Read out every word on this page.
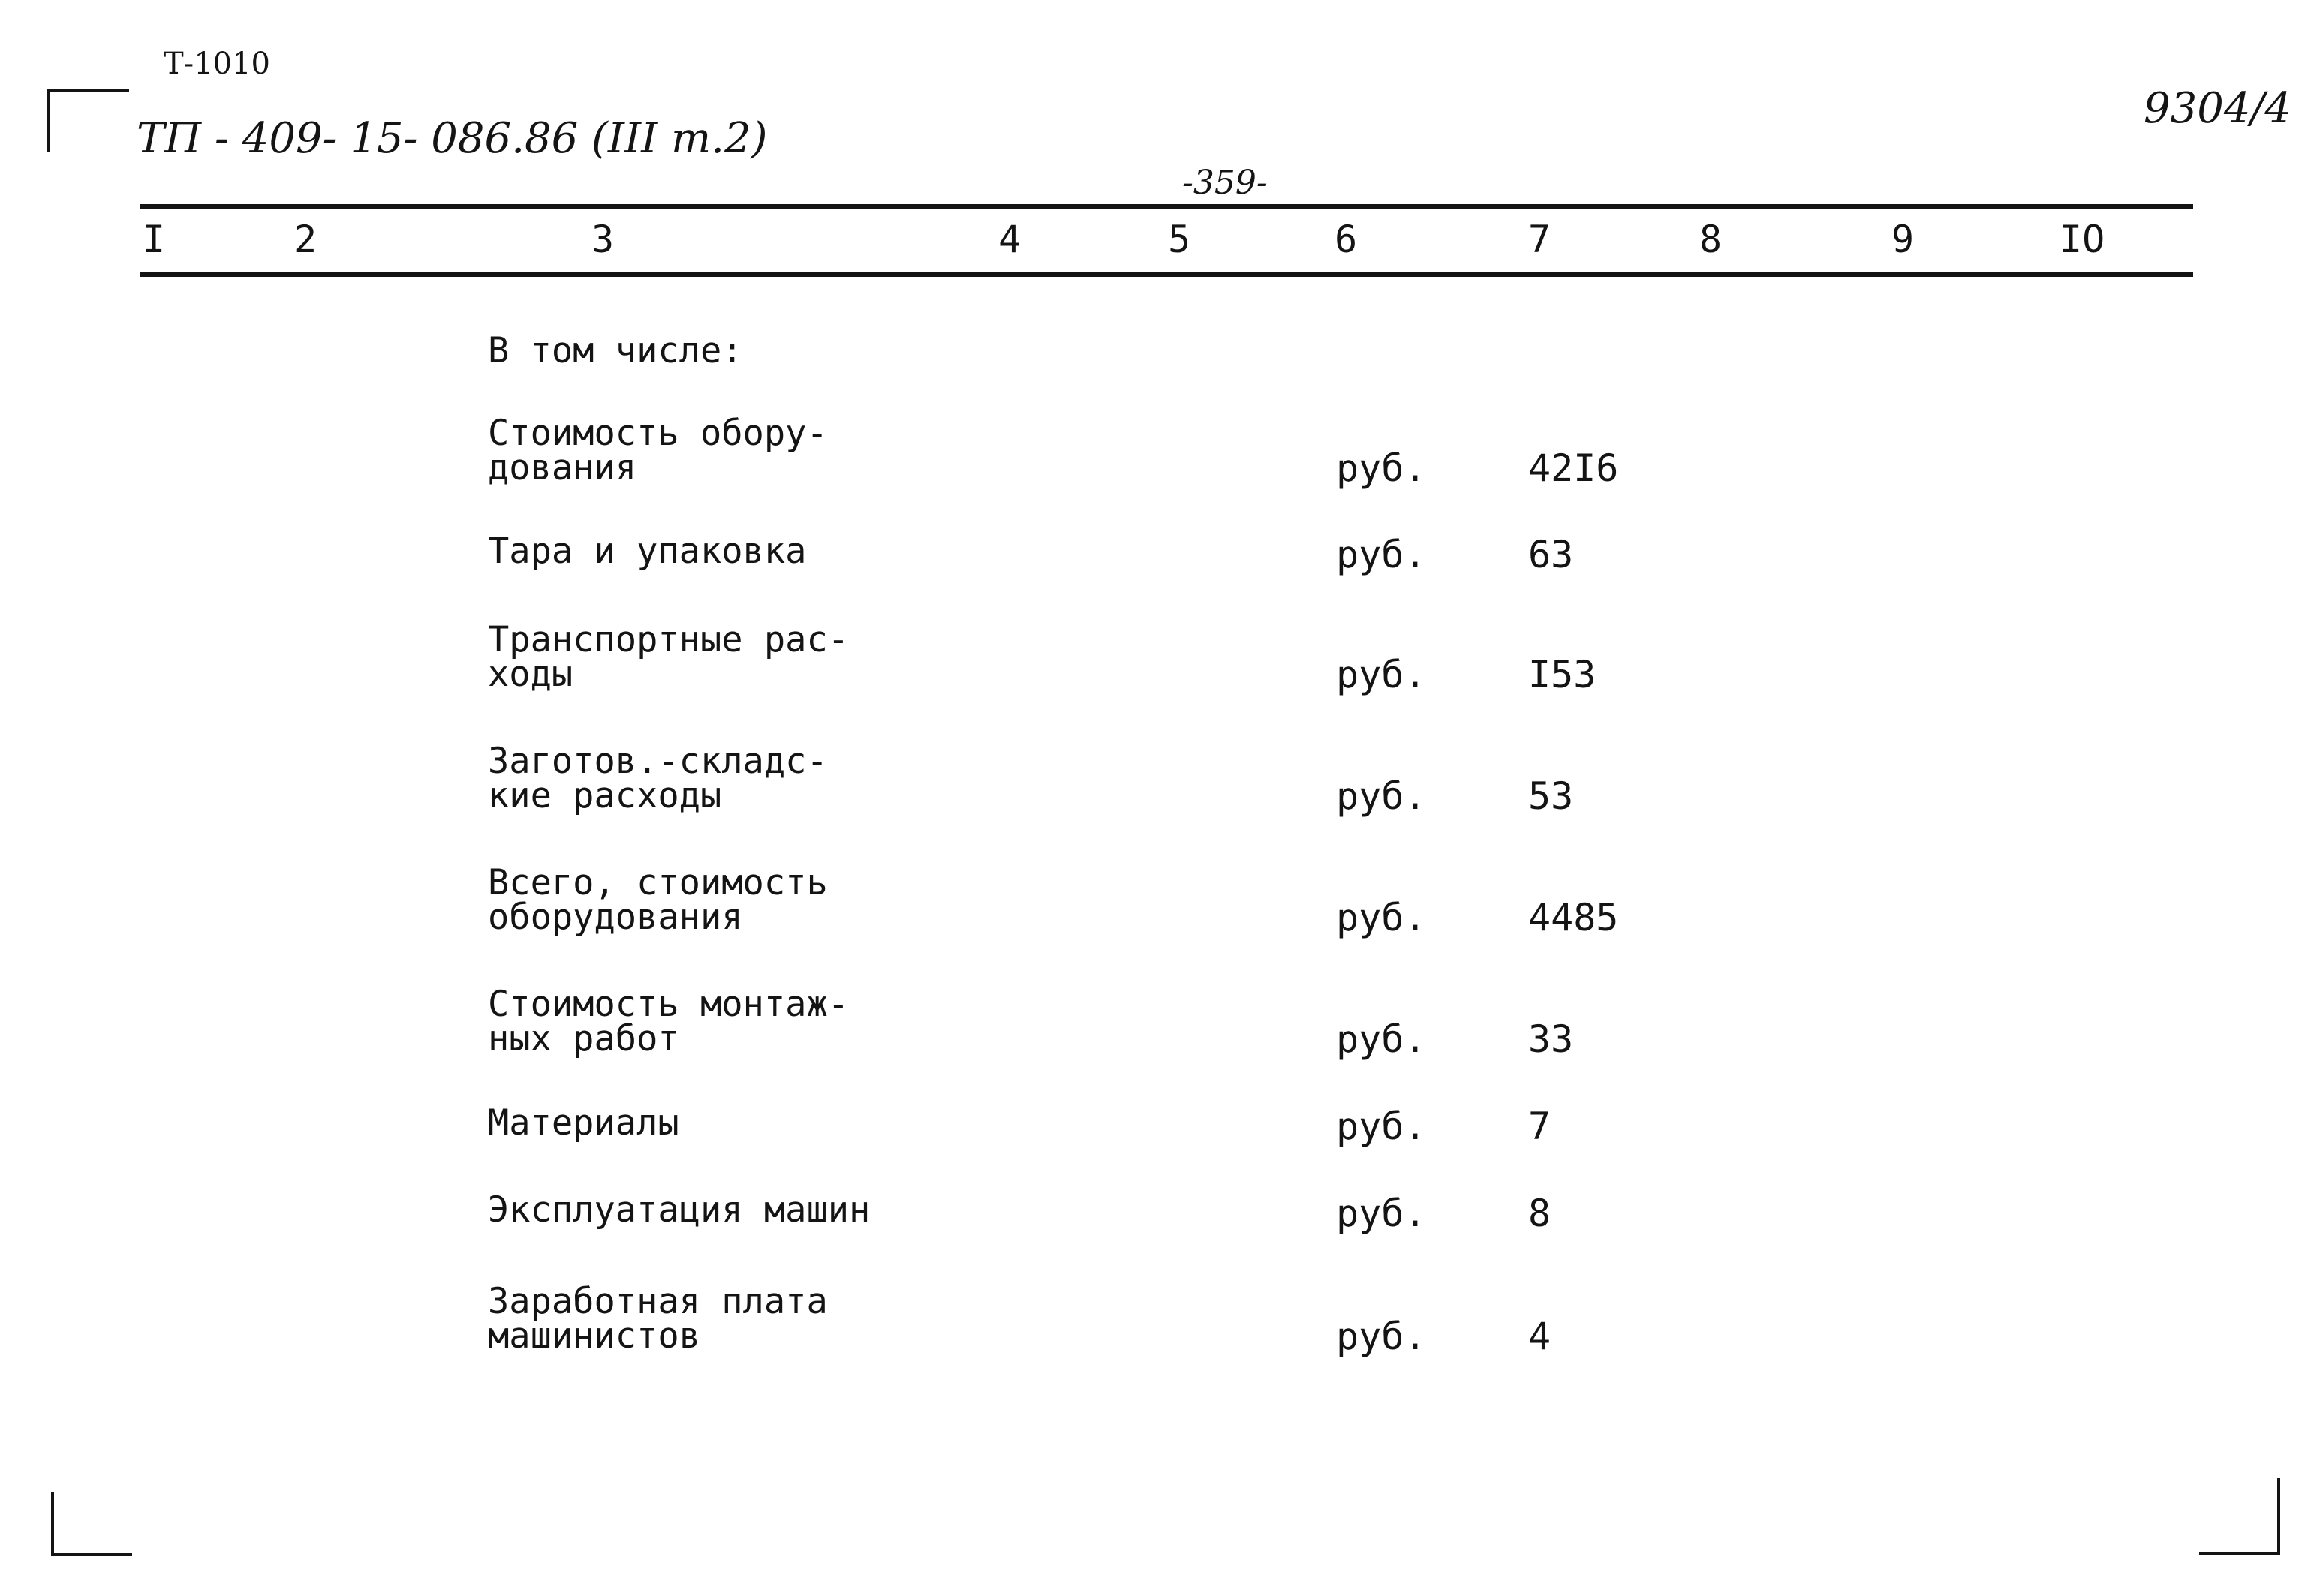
Т-1010
ТП - 409- 15- 086.86 (III т.2)
-359-
9304/4
I	2	3	4	5	6	7	8	9	IO
В том числе:
Стоимость обору-
дования	руб.	42I6
Тара и упаковка	руб.	63
Транспортные рас-
ходы	руб.	I53
Заготов.-складс-
кие расходы	руб.	53
Всего, стоимость
оборудования	руб.	4485
Стоимость монтаж-
ных работ	руб.	33
Материалы	руб.	7
Эксплуатация машин	руб.	8
Заработная плата
машинистов	руб.	4
